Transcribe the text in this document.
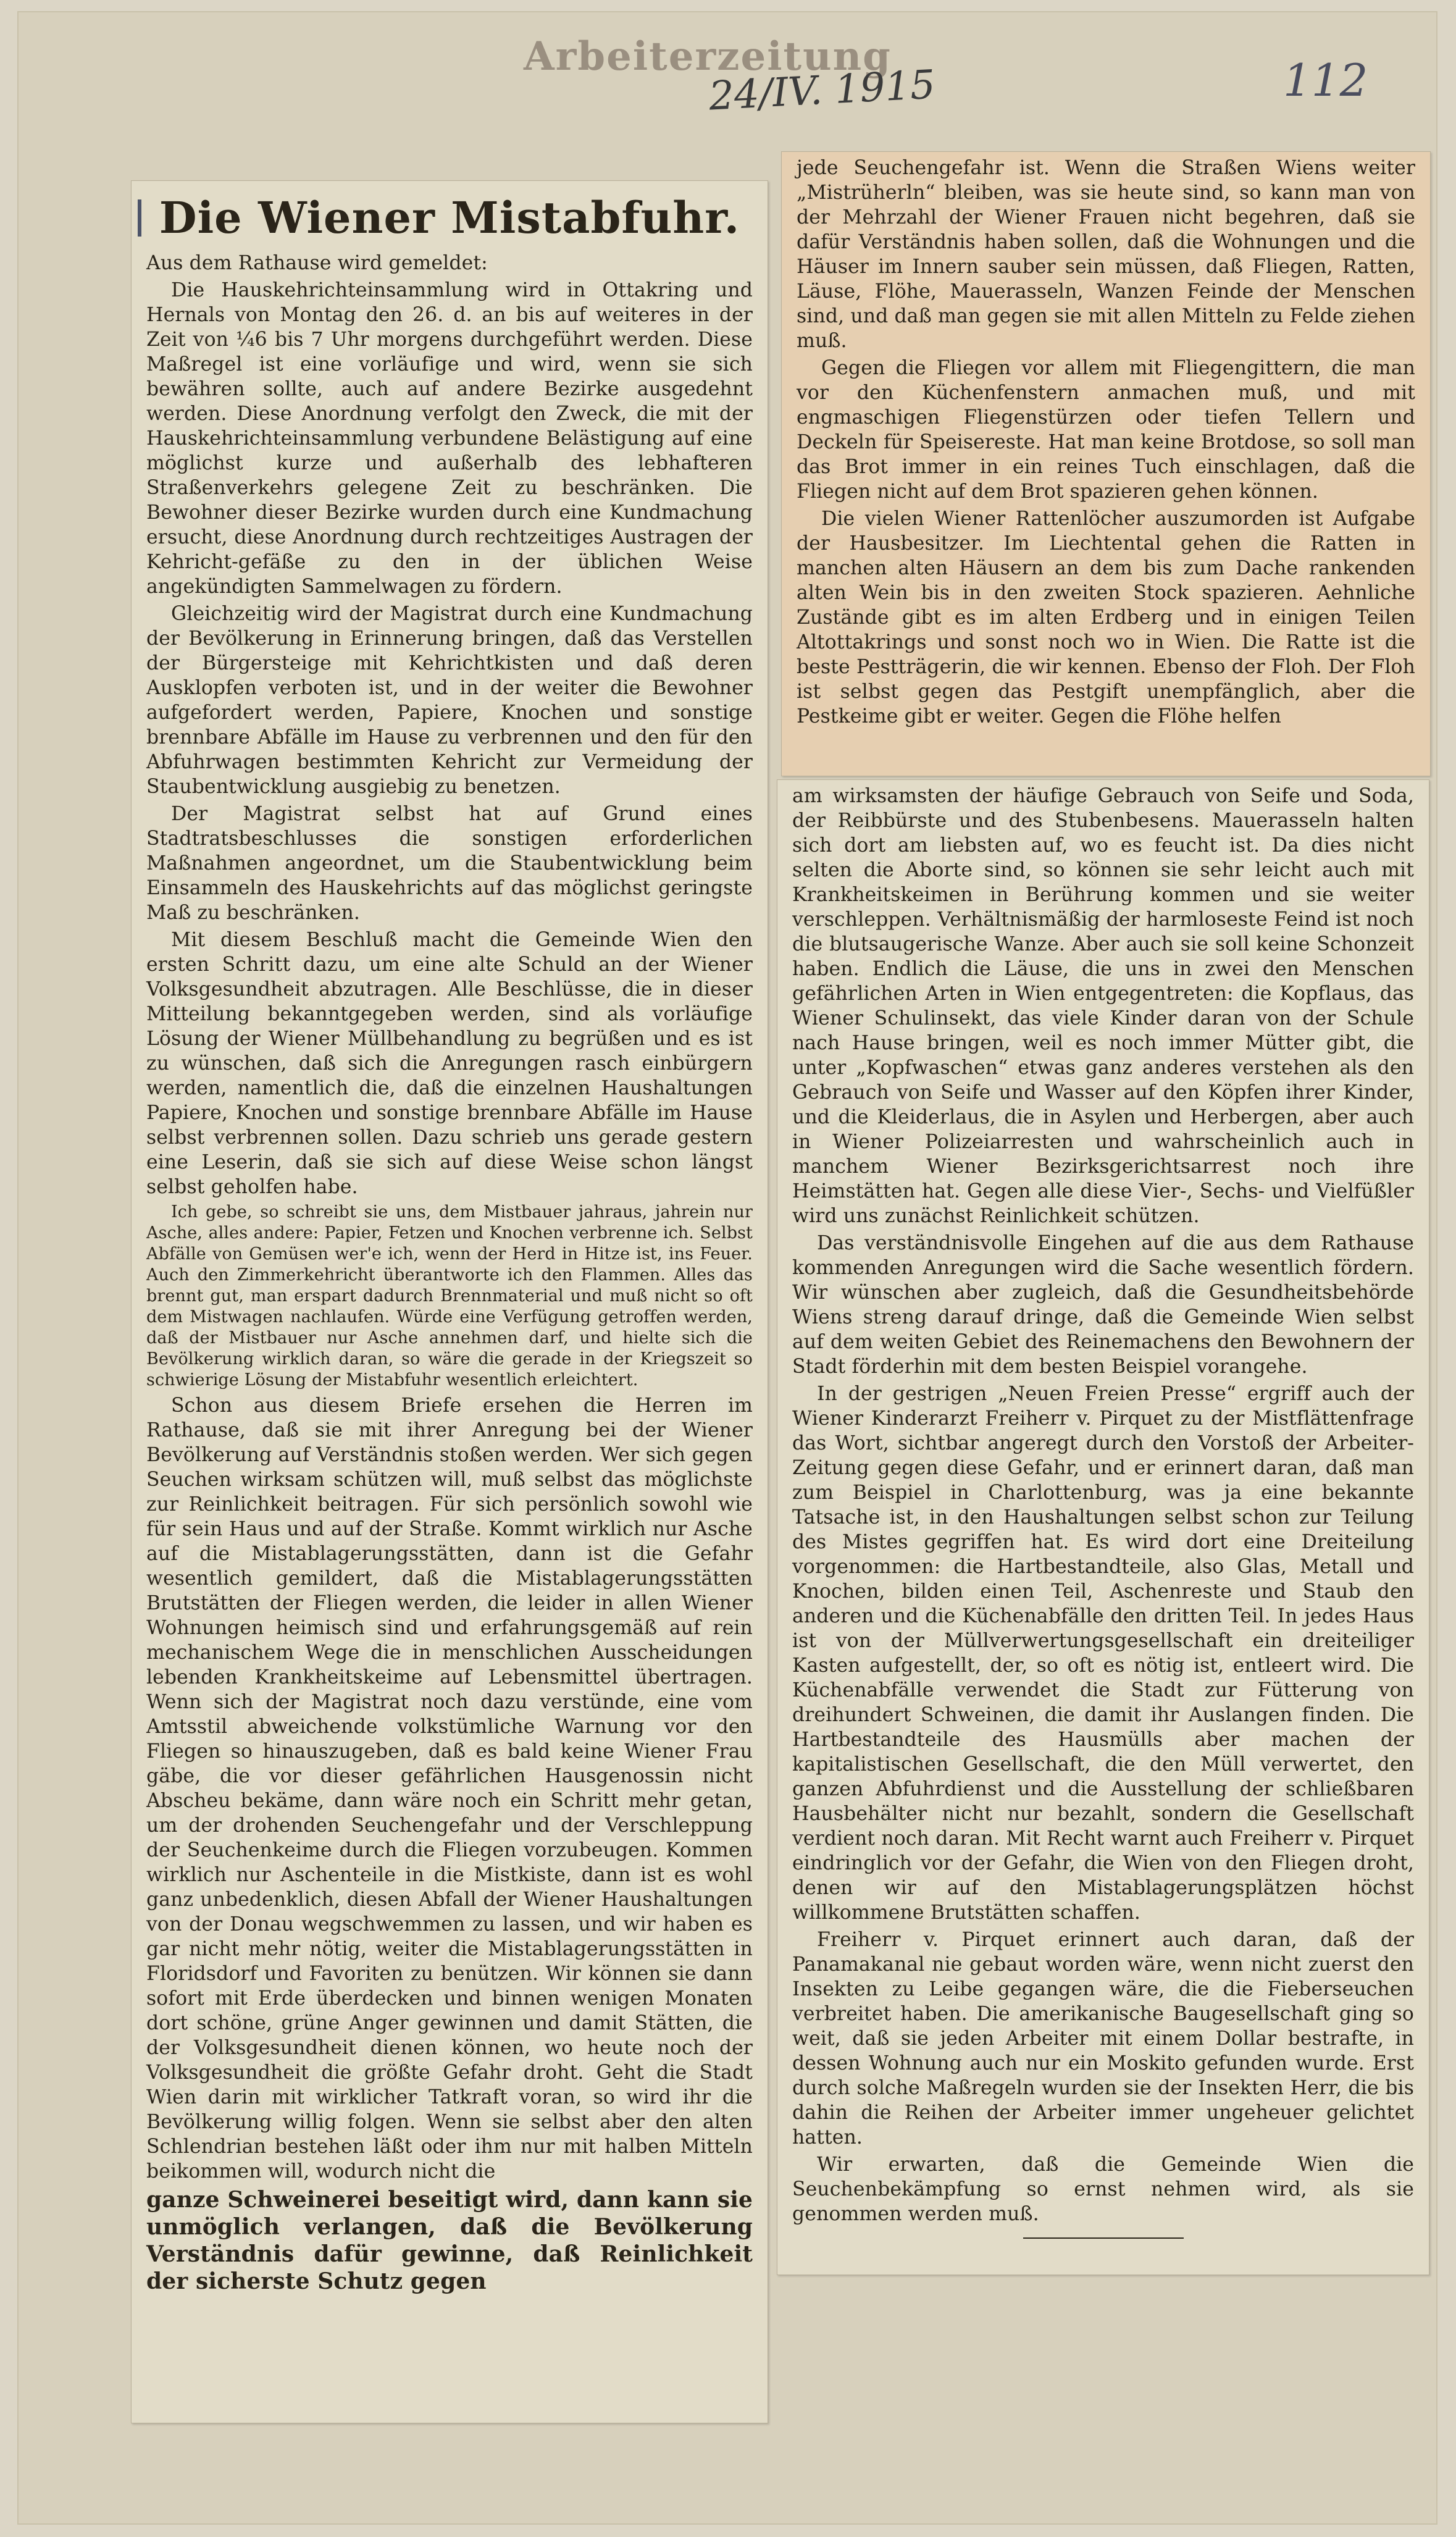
Arbeiterzeitung
24/IV. 1915	112
Die Wiener Mistabfuhr.

Aus dem Rathause wird gemeldet:

Die Hauskehrichteinsammlung wird in Ottakring und Hernals von Montag den 26. d. an bis auf weiteres in der Zeit von ¼6 bis 7 Uhr morgens durchgeführt werden. Diese Maßregel ist eine vorläufige und wird, wenn sie sich bewähren sollte, auch auf andere Bezirke ausgedehnt werden. Diese Anordnung verfolgt den Zweck, die mit der Hauskehrichteinsammlung verbundene Belästigung auf eine möglichst kurze und außerhalb des lebhafteren Straßenverkehrs gelegene Zeit zu beschränken. Die Bewohner dieser Bezirke wurden durch eine Kundmachung ersucht, diese Anordnung durch rechtzeitiges Austragen der Kehricht-gefäße zu den in der üblichen Weise angekündigten Sammelwagen zu fördern.

Gleichzeitig wird der Magistrat durch eine Kundmachung der Bevölkerung in Erinnerung bringen, daß das Verstellen der Bürgersteige mit Kehrichtkisten und daß deren Ausklopfen verboten ist, und in der weiter die Bewohner aufgefordert werden, Papiere, Knochen und sonstige brennbare Abfälle im Hause zu verbrennen und den für den Abfuhrwagen bestimmten Kehricht zur Vermeidung der Staubentwicklung ausgiebig zu benetzen.

Der Magistrat selbst hat auf Grund eines Stadtratsbeschlusses die sonstigen erforderlichen Maßnahmen angeordnet, um die Staubentwicklung beim Einsammeln des Hauskehrichts auf das möglichst geringste Maß zu beschränken.

Mit diesem Beschluß macht die Gemeinde Wien den ersten Schritt dazu, um eine alte Schuld an der Wiener Volksgesundheit abzutragen. Alle Beschlüsse, die in dieser Mitteilung bekanntgegeben werden, sind als vorläufige Lösung der Wiener Müllbehandlung zu begrüßen und es ist zu wünschen, daß sich die Anregungen rasch einbürgern werden, namentlich die, daß die einzelnen Haushaltungen Papiere, Knochen und sonstige brennbare Abfälle im Hause selbst verbrennen sollen. Dazu schrieb uns gerade gestern eine Leserin, daß sie sich auf diese Weise schon längst selbst geholfen habe.

Ich gebe, so schreibt sie uns, dem Mistbauer jahraus, jahrein nur Asche, alles andere: Papier, Fetzen und Knochen verbrenne ich. Selbst Abfälle von Gemüsen wer'e ich, wenn der Herd in Hitze ist, ins Feuer. Auch den Zimmerkehricht überantworte ich den Flammen. Alles das brennt gut, man erspart dadurch Brennmaterial und muß nicht so oft dem Mistwagen nachlaufen. Würde eine Verfügung getroffen werden, daß der Mistbauer nur Asche annehmen darf, und hielte sich die Bevölkerung wirklich daran, so wäre die gerade in der Kriegszeit so schwierige Lösung der Mistabfuhr wesentlich erleichtert.

Schon aus diesem Briefe ersehen die Herren im Rathause, daß sie mit ihrer Anregung bei der Wiener Bevölkerung auf Verständnis stoßen werden. Wer sich gegen Seuchen wirksam schützen will, muß selbst das möglichste zur Reinlichkeit beitragen. Für sich persönlich sowohl wie für sein Haus und auf der Straße. Kommt wirklich nur Asche auf die Mistablagerungsstätten, dann ist die Gefahr wesentlich gemildert, daß die Mistablagerungsstätten Brutstätten der Fliegen werden, die leider in allen Wiener Wohnungen heimisch sind und erfahrungsgemäß auf rein mechanischem Wege die in menschlichen Ausscheidungen lebenden Krankheitskeime auf Lebensmittel übertragen. Wenn sich der Magistrat noch dazu verstünde, eine vom Amtsstil abweichende volkstümliche Warnung vor den Fliegen so hinauszugeben, daß es bald keine Wiener Frau gäbe, die vor dieser gefährlichen Hausgenossin nicht Abscheu bekäme, dann wäre noch ein Schritt mehr getan, um der drohenden Seuchengefahr und der Verschleppung der Seuchenkeime durch die Fliegen vorzubeugen. Kommen wirklich nur Aschenteile in die Mistkiste, dann ist es wohl ganz unbedenklich, diesen Abfall der Wiener Haushaltungen von der Donau wegschwemmen zu lassen, und wir haben es gar nicht mehr nötig, weiter die Mistablagerungsstätten in Floridsdorf und Favoriten zu benützen. Wir können sie dann sofort mit Erde überdecken und binnen wenigen Monaten dort schöne, grüne Anger gewinnen und damit Stätten, die der Volksgesundheit dienen können, wo heute noch der Volksgesundheit die größte Gefahr droht. Geht die Stadt Wien darin mit wirklicher Tatkraft voran, so wird ihr die Bevölkerung willig folgen. Wenn sie selbst aber den alten Schlendrian bestehen läßt oder ihm nur mit halben Mitteln beikommen will, wodurch nicht die

ganze Schweinerei beseitigt wird, dann kann sie unmöglich verlangen, daß die Bevölkerung Verständnis dafür gewinne, daß Reinlichkeit der sicherste Schutz gegen

jede Seuchengefahr ist. Wenn die Straßen Wiens weiter „Mistrüherln“ bleiben, was sie heute sind, so kann man von der Mehrzahl der Wiener Frauen nicht begehren, daß sie dafür Verständnis haben sollen, daß die Wohnungen und die Häuser im Innern sauber sein müssen, daß Fliegen, Ratten, Läuse, Flöhe, Mauerasseln, Wanzen Feinde der Menschen sind, und daß man gegen sie mit allen Mitteln zu Felde ziehen muß.

Gegen die Fliegen vor allem mit Fliegengittern, die man vor den Küchenfenstern anmachen muß, und mit engmaschigen Fliegenstürzen oder tiefen Tellern und Deckeln für Speisereste. Hat man keine Brotdose, so soll man das Brot immer in ein reines Tuch einschlagen, daß die Fliegen nicht auf dem Brot spazieren gehen können.

Die vielen Wiener Rattenlöcher auszumorden ist Aufgabe der Hausbesitzer. Im Liechtental gehen die Ratten in manchen alten Häusern an dem bis zum Dache rankenden alten Wein bis in den zweiten Stock spazieren. Aehnliche Zustände gibt es im alten Erdberg und in einigen Teilen Altottakrings und sonst noch wo in Wien. Die Ratte ist die beste Pestträgerin, die wir kennen. Ebenso der Floh. Der Floh ist selbst gegen das Pestgift unempfänglich, aber die Pestkeime gibt er weiter. Gegen die Flöhe helfen

am wirksamsten der häufige Gebrauch von Seife und Soda, der Reibbürste und des Stubenbesens. Mauerasseln halten sich dort am liebsten auf, wo es feucht ist. Da dies nicht selten die Aborte sind, so können sie sehr leicht auch mit Krankheitskeimen in Berührung kommen und sie weiter verschleppen. Verhältnismäßig der harmloseste Feind ist noch die blutsaugerische Wanze. Aber auch sie soll keine Schonzeit haben. Endlich die Läuse, die uns in zwei den Menschen gefährlichen Arten in Wien entgegentreten: die Kopflaus, das Wiener Schulinsekt, das viele Kinder daran von der Schule nach Hause bringen, weil es noch immer Mütter gibt, die unter „Kopfwaschen“ etwas ganz anderes verstehen als den Gebrauch von Seife und Wasser auf den Köpfen ihrer Kinder, und die Kleiderlaus, die in Asylen und Herbergen, aber auch in Wiener Polizeiarresten und wahrscheinlich auch in manchem Wiener Bezirksgerichtsarrest noch ihre Heimstätten hat. Gegen alle diese Vier-, Sechs- und Vielfüßler wird uns zunächst Reinlichkeit schützen.

Das verständnisvolle Eingehen auf die aus dem Rathause kommenden Anregungen wird die Sache wesentlich fördern. Wir wünschen aber zugleich, daß die Gesundheitsbehörde Wiens streng darauf dringe, daß die Gemeinde Wien selbst auf dem weiten Gebiet des Reinemachens den Bewohnern der Stadt förderhin mit dem besten Beispiel vorangehe.

In der gestrigen „Neuen Freien Presse“ ergriff auch der Wiener Kinderarzt Freiherr v. Pirquet zu der Mistflättenfrage das Wort, sichtbar angeregt durch den Vorstoß der Arbeiter-Zeitung gegen diese Gefahr, und er erinnert daran, daß man zum Beispiel in Charlottenburg, was ja eine bekannte Tatsache ist, in den Haushaltungen selbst schon zur Teilung des Mistes gegriffen hat. Es wird dort eine Dreiteilung vorgenommen: die Hartbestandteile, also Glas, Metall und Knochen, bilden einen Teil, Aschenreste und Staub den anderen und die Küchenabfälle den dritten Teil. In jedes Haus ist von der Müllverwertungsgesellschaft ein dreiteiliger Kasten aufgestellt, der, so oft es nötig ist, entleert wird. Die Küchenabfälle verwendet die Stadt zur Fütterung von dreihundert Schweinen, die damit ihr Auslangen finden. Die Hartbestandteile des Hausmülls aber machen der kapitalistischen Gesellschaft, die den Müll verwertet, den ganzen Abfuhrdienst und die Ausstellung der schließbaren Hausbehälter nicht nur bezahlt, sondern die Gesellschaft verdient noch daran. Mit Recht warnt auch Freiherr v. Pirquet eindringlich vor der Gefahr, die Wien von den Fliegen droht, denen wir auf den Mistablagerungsplätzen höchst willkommene Brutstätten schaffen.

Freiherr v. Pirquet erinnert auch daran, daß der Panamakanal nie gebaut worden wäre, wenn nicht zuerst den Insekten zu Leibe gegangen wäre, die die Fieberseuchen verbreitet haben. Die amerikanische Baugesellschaft ging so weit, daß sie jeden Arbeiter mit einem Dollar bestrafte, in dessen Wohnung auch nur ein Moskito gefunden wurde. Erst durch solche Maßregeln wurden sie der Insekten Herr, die bis dahin die Reihen der Arbeiter immer ungeheuer gelichtet hatten.

Wir erwarten, daß die Gemeinde Wien die Seuchenbekämpfung so ernst nehmen wird, als sie genommen werden muß.
